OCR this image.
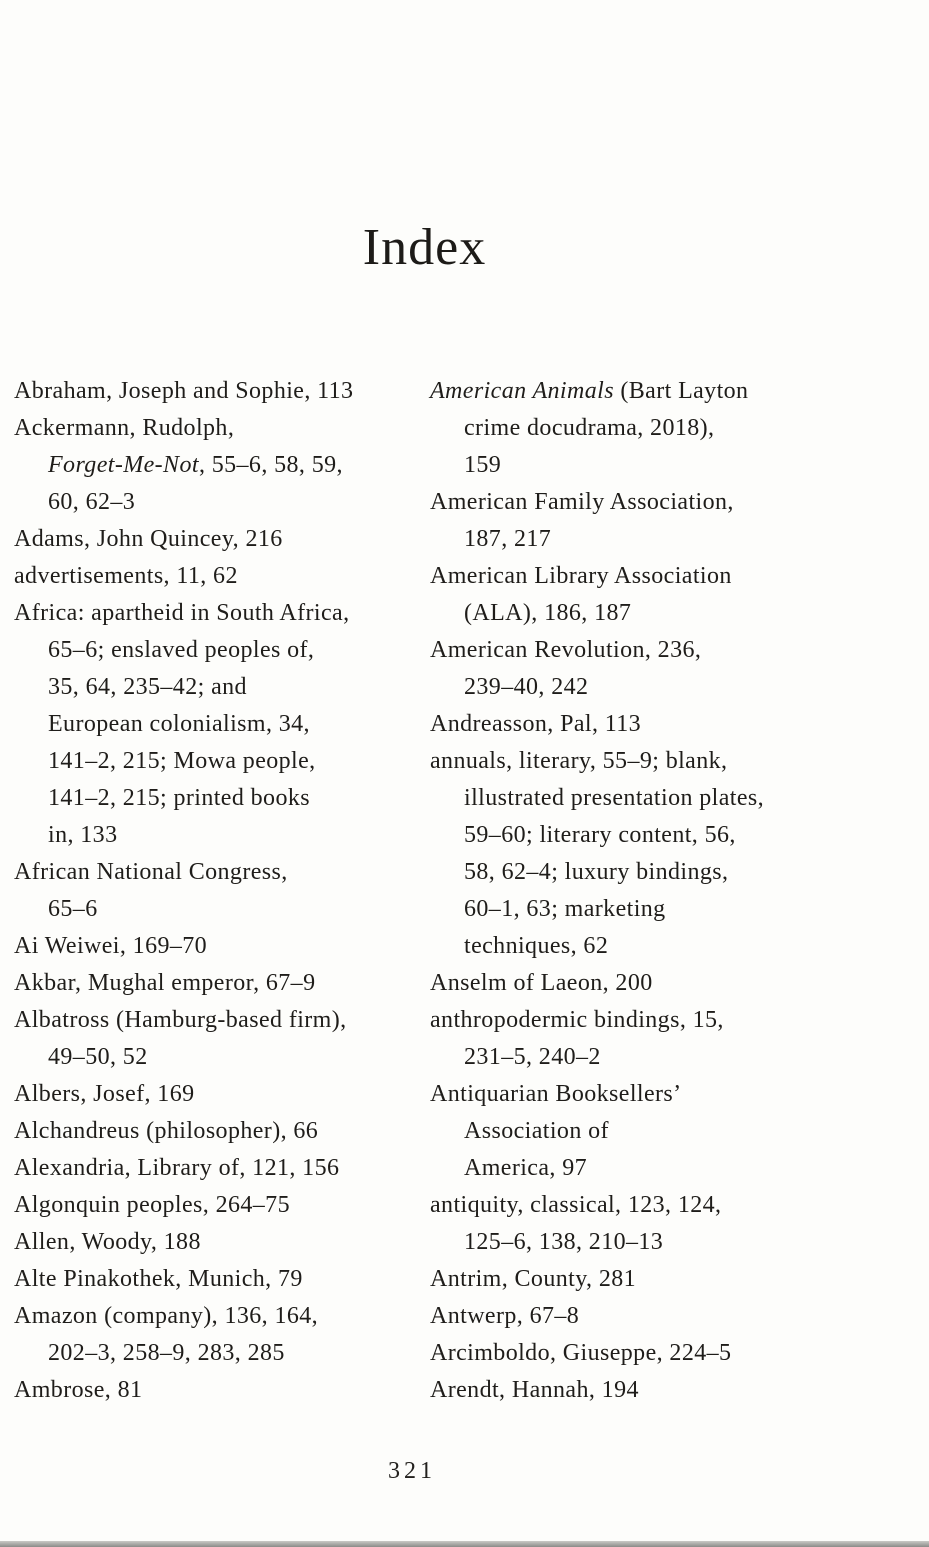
Index
Abraham, Joseph and Sophie, 113
Ackermann, Rudolph,
Forget-Me-Not, 55–6, 58, 59,
60, 62–3
Adams, John Quincey, 216
advertisements, 11, 62
Africa: apartheid in South Africa,
65–6; enslaved peoples of,
35, 64, 235–42; and
European colonialism, 34,
141–2, 215; Mowa people,
141–2, 215; printed books
in, 133
African National Congress,
65–6
Ai Weiwei, 169–70
Akbar, Mughal emperor, 67–9
Albatross (Hamburg-based firm),
49–50, 52
Albers, Josef, 169
Alchandreus (philosopher), 66
Alexandria, Library of, 121, 156
Algonquin peoples, 264–75
Allen, Woody, 188
Alte Pinakothek, Munich, 79
Amazon (company), 136, 164,
202–3, 258–9, 283, 285
Ambrose, 81
American Animals (Bart Layton
crime docudrama, 2018),
159
American Family Association,
187, 217
American Library Association
(ALA), 186, 187
American Revolution, 236,
239–40, 242
Andreasson, Pal, 113
annuals, literary, 55–9; blank,
illustrated presentation plates,
59–60; literary content, 56,
58, 62–4; luxury bindings,
60–1, 63; marketing
techniques, 62
Anselm of Laeon, 200
anthropodermic bindings, 15,
231–5, 240–2
Antiquarian Booksellers’
Association of
America, 97
antiquity, classical, 123, 124,
125–6, 138, 210–13
Antrim, County, 281
Antwerp, 67–8
Arcimboldo, Giuseppe, 224–5
Arendt, Hannah, 194
321
